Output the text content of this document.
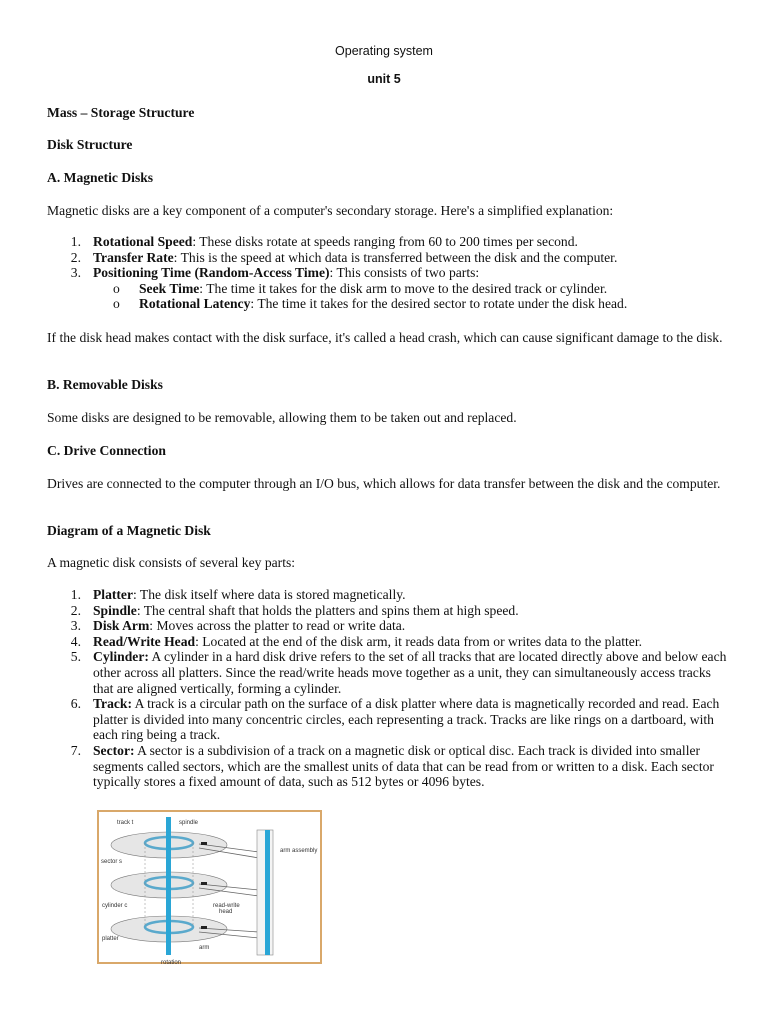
Operating system
unit 5
Mass – Storage Structure
Disk Structure
A. Magnetic Disks
Magnetic disks are a key component of a computer's secondary storage. Here's a simplified explanation:
1. Rotational Speed: These disks rotate at speeds ranging from 60 to 200 times per second.
2. Transfer Rate: This is the speed at which data is transferred between the disk and the computer.
3. Positioning Time (Random-Access Time): This consists of two parts:
o Seek Time: The time it takes for the disk arm to move to the desired track or cylinder.
o Rotational Latency: The time it takes for the desired sector to rotate under the disk head.
If the disk head makes contact with the disk surface, it's called a head crash, which can cause significant damage to the disk.
B. Removable Disks
Some disks are designed to be removable, allowing them to be taken out and replaced.
C. Drive Connection
Drives are connected to the computer through an I/O bus, which allows for data transfer between the disk and the computer.
Diagram of a Magnetic Disk
A magnetic disk consists of several key parts:
1. Platter: The disk itself where data is stored magnetically.
2. Spindle: The central shaft that holds the platters and spins them at high speed.
3. Disk Arm: Moves across the platter to read or write data.
4. Read/Write Head: Located at the end of the disk arm, it reads data from or writes data to the platter.
5. Cylinder: A cylinder in a hard disk drive refers to the set of all tracks that are located directly above and below each other across all platters. Since the read/write heads move together as a unit, they can simultaneously access tracks that are aligned vertically, forming a cylinder.
6. Track: A track is a circular path on the surface of a disk platter where data is magnetically recorded and read. Each platter is divided into many concentric circles, each representing a track. Tracks are like rings on a dartboard, with each ring being a track.
7. Sector: A sector is a subdivision of a track on a magnetic disk or optical disc. Each track is divided into smaller segments called sectors, which are the smallest units of data that can be read from or written to a disk. Each sector typically stores a fixed amount of data, such as 512 bytes or 4096 bytes.
track t	spindle
arm assembly
sector s
cylinder c	read-write
head
platter
arm
rotation
